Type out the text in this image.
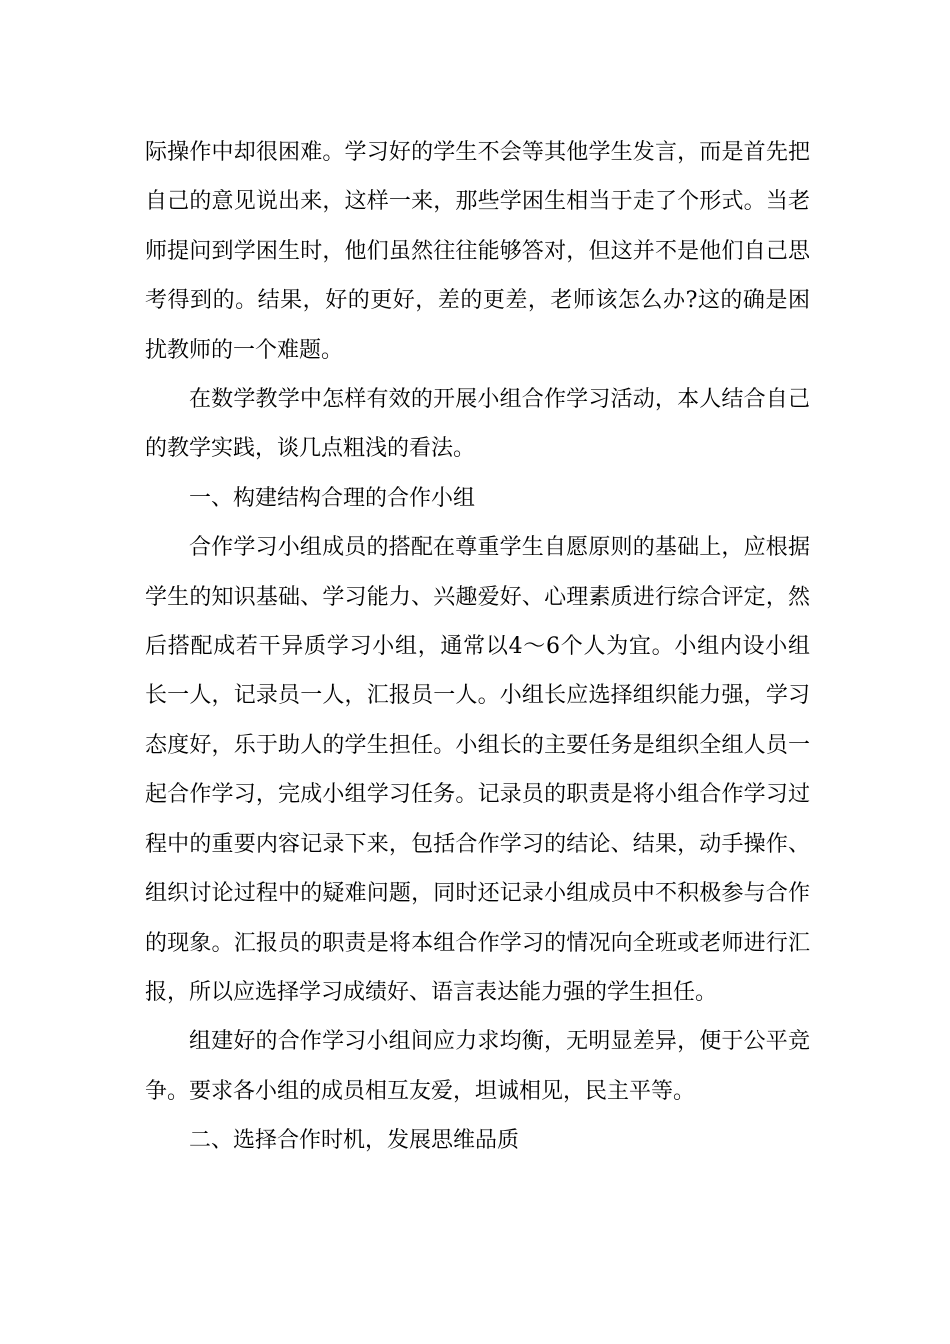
际操作中却很困难。学习好的学生不会等其他学生发言，而是首先把自己的意见说出来，这样一来，那些学困生相当于走了个形式。当老师提问到学困生时，他们虽然往往能够答对，但这并不是他们自己思考得到的。结果，好的更好，差的更差，老师该怎么办?这的确是困扰教师的一个难题。

在数学教学中怎样有效的开展小组合作学习活动，本人结合自己的教学实践，谈几点粗浅的看法。

一、构建结构合理的合作小组

合作学习小组成员的搭配在尊重学生自愿原则的基础上，应根据学生的知识基础、学习能力、兴趣爱好、心理素质进行综合评定，然后搭配成若干异质学习小组，通常以4～6个人为宜。小组内设小组长一人，记录员一人，汇报员一人。小组长应选择组织能力强，学习态度好，乐于助人的学生担任。小组长的主要任务是组织全组人员一起合作学习，完成小组学习任务。记录员的职责是将小组合作学习过程中的重要内容记录下来，包括合作学习的结论、结果，动手操作、组织讨论过程中的疑难问题，同时还记录小组成员中不积极参与合作的现象。汇报员的职责是将本组合作学习的情况向全班或老师进行汇报，所以应选择学习成绩好、语言表达能力强的学生担任。

组建好的合作学习小组间应力求均衡，无明显差异，便于公平竞争。要求各小组的成员相互友爱，坦诚相见，民主平等。

二、选择合作时机，发展思维品质
